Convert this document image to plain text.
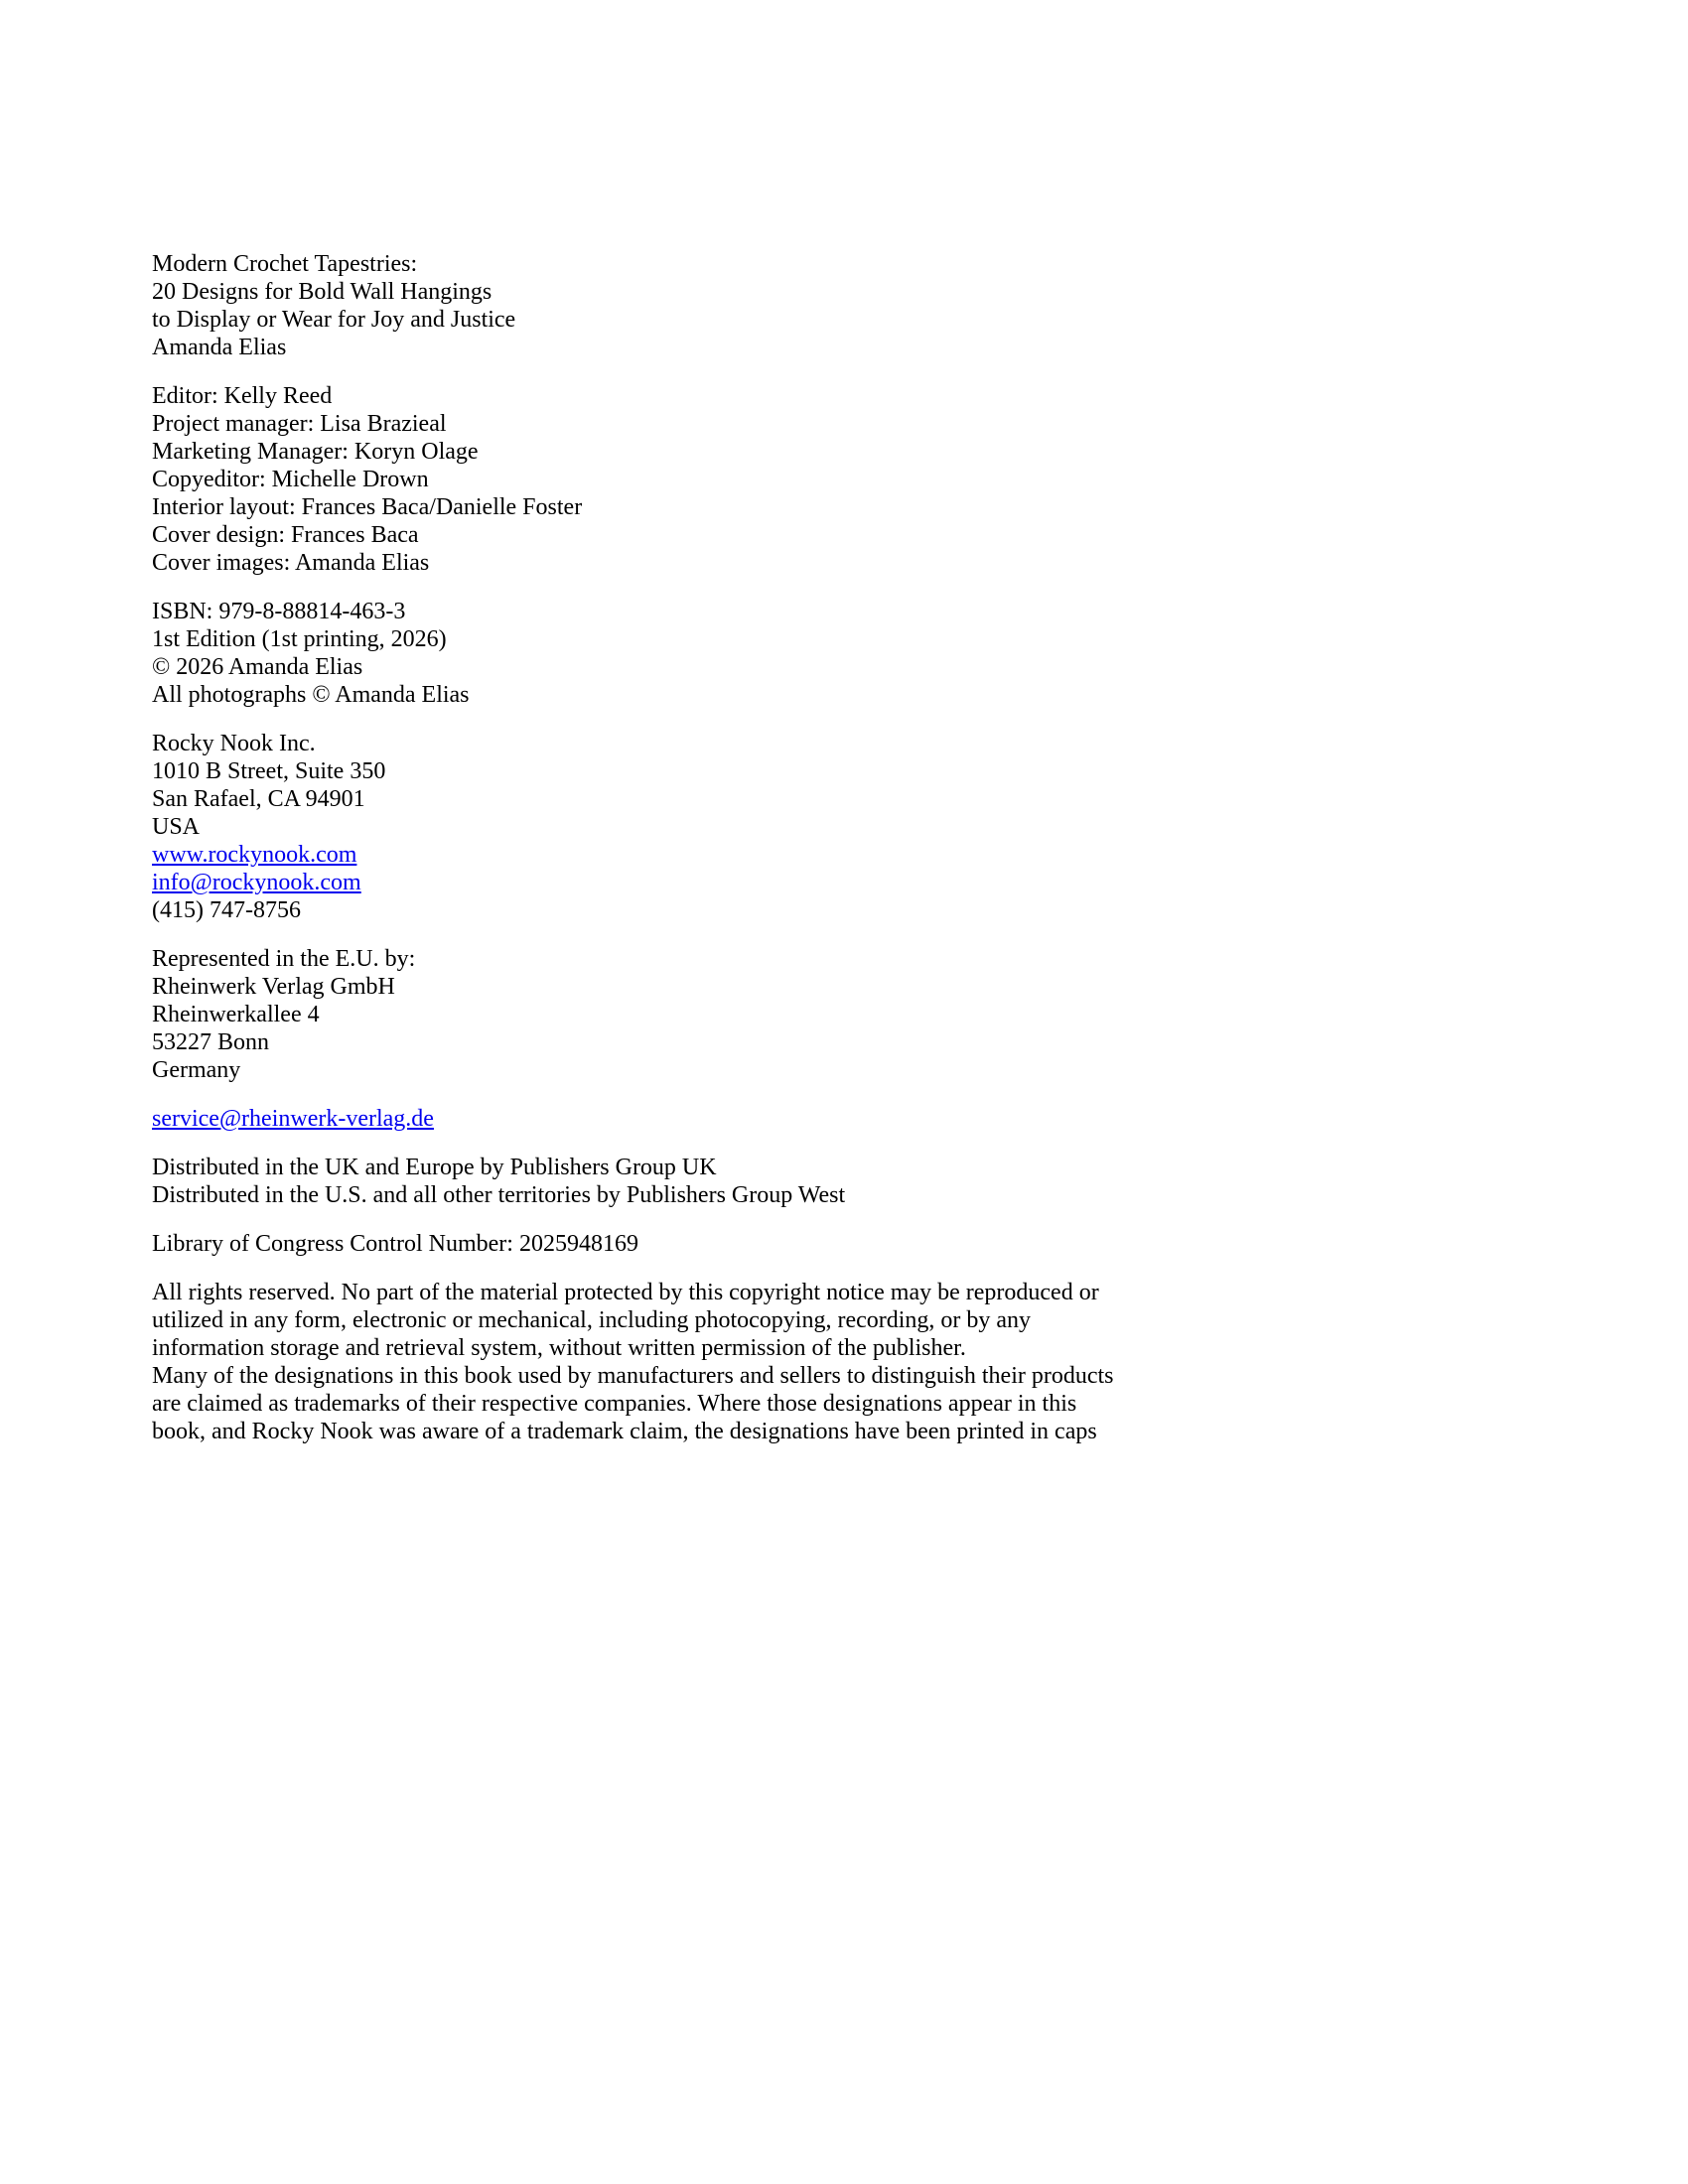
Modern Crochet Tapestries:
20 Designs for Bold Wall Hangings
to Display or Wear for Joy and Justice
Amanda Elias
Editor: Kelly Reed
Project manager: Lisa Brazieal
Marketing Manager: Koryn Olage
Copyeditor: Michelle Drown
Interior layout: Frances Baca/Danielle Foster
Cover design: Frances Baca
Cover images: Amanda Elias
ISBN: 979-8-88814-463-3
1st Edition (1st printing, 2026)
© 2026 Amanda Elias
All photographs © Amanda Elias
Rocky Nook Inc.
1010 B Street, Suite 350
San Rafael, CA 94901
USA
www.rockynook.com
info@rockynook.com
(415) 747-8756
Represented in the E.U. by:
Rheinwerk Verlag GmbH
Rheinwerkallee 4
53227 Bonn
Germany
service@rheinwerk-verlag.de
Distributed in the UK and Europe by Publishers Group UK
Distributed in the U.S. and all other territories by Publishers Group West
Library of Congress Control Number: 2025948169
All rights reserved. No part of the material protected by this copyright notice may be reproduced or
utilized in any form, electronic or mechanical, including photocopying, recording, or by any
information storage and retrieval system, without written permission of the publisher.
Many of the designations in this book used by manufacturers and sellers to distinguish their products
are claimed as trademarks of their respective companies. Where those designations appear in this
book, and Rocky Nook was aware of a trademark claim, the designations have been printed in caps
